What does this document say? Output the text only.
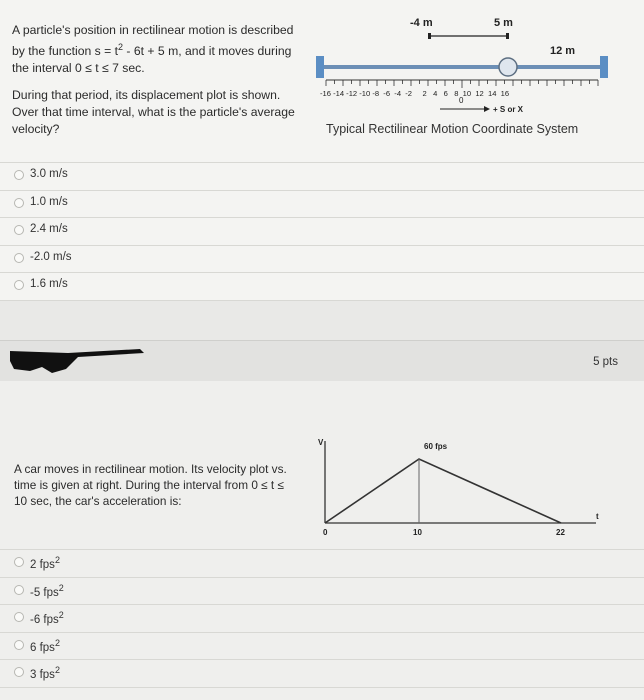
A particle's position in rectilinear motion is described
by the function $s = t^2 - 6t + 5$ m, and it moves during
the interval 0 ≤ t ≤ 7 sec.

During that period, its displacement plot is shown.
Over that time interval, what is the particle's average
velocity?

-4 m	5 m
12 m
-16 -14 -12 -10 -8  -6  -4  -2     2   4   6   8  10  12  14  16
0
+ S or X
Typical Rectilinear Motion Coordinate System
3.0 m/s
1.0 m/s
2.4 m/s
-2.0 m/s
1.6 m/s
5 pts
A car moves in rectilinear motion. Its velocity plot vs.
time is given at right. During the interval from 0 ≤ t ≤
10 sec, the car's acceleration is:
V
t
60 fps
0	10	22
2 fps$^2$
-5 fps$^2$
-6 fps$^2$
6 fps$^2$
3 fps$^2$
